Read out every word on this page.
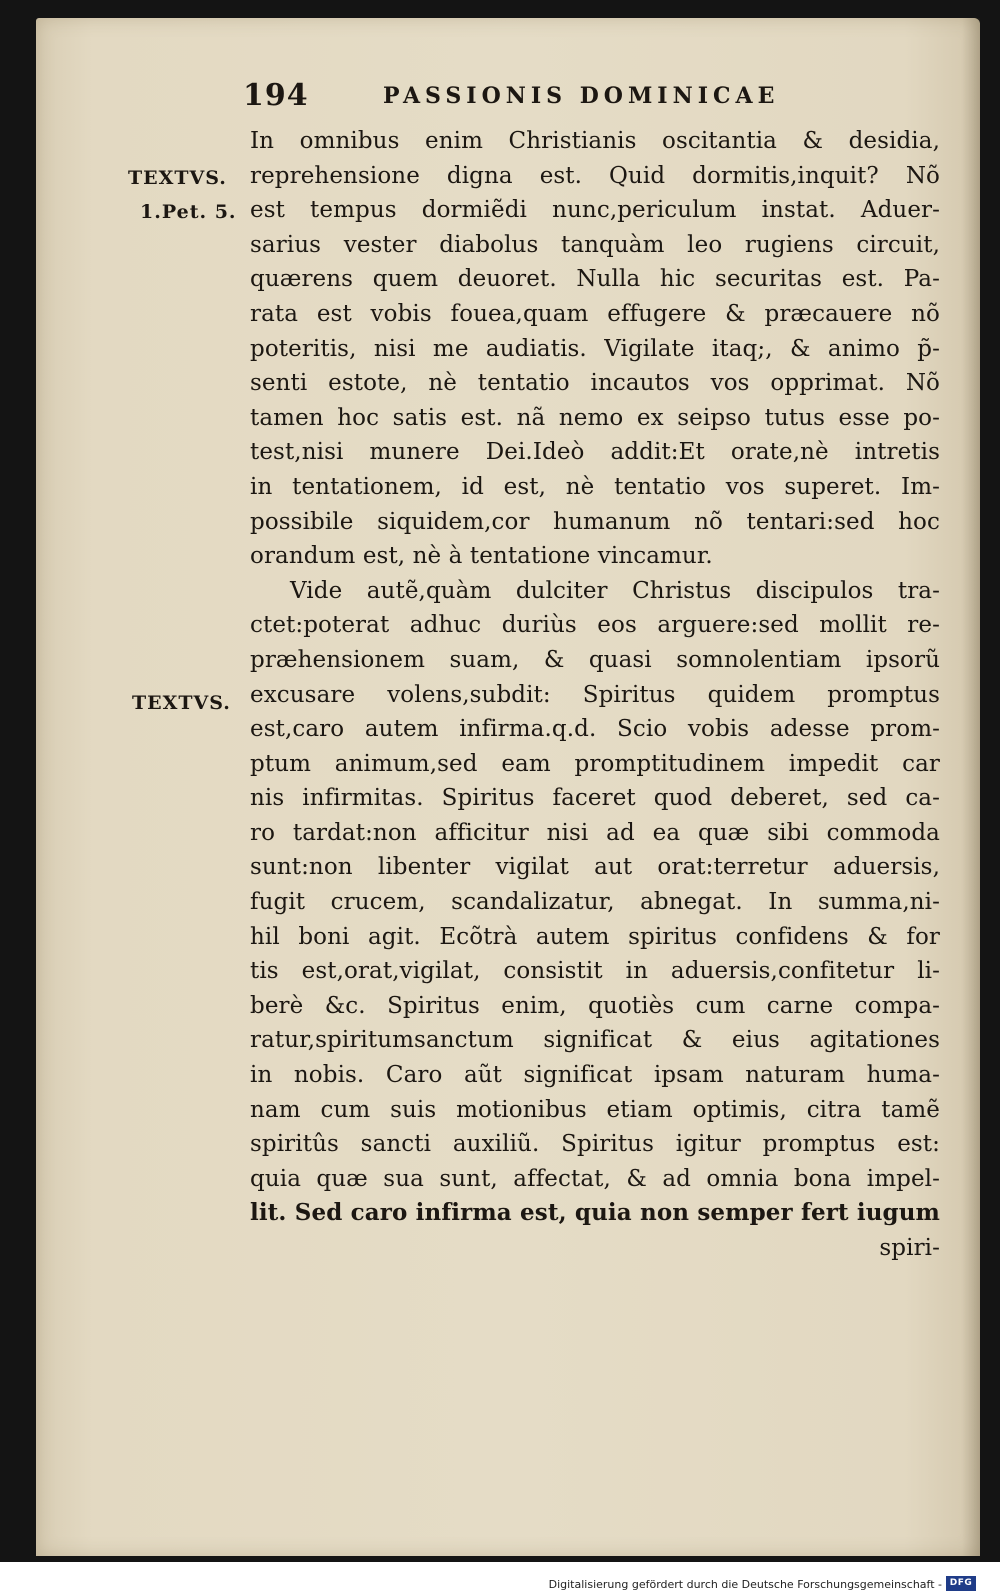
194	PASSIONIS DOMINICAE
TEXTVS.
1.Pet. 5.
TEXTVS.
In omnibus enim Christianis oscitantia & desidia,
reprehensione digna est. Quid dormitis,inquit? Nõ
est tempus dormiẽdi nunc,periculum instat. Aduer-
sarius vester diabolus tanquàm leo rugiens circuit,
quærens quem deuoret. Nulla hic securitas est. Pa-
rata est vobis fouea,quam effugere & præcauere nõ
poteritis, nisi me audiatis. Vigilate itaq;, & animo p̃-
senti estote, nè tentatio incautos vos opprimat. Nõ
tamen hoc satis est. nã nemo ex seipso tutus esse po-
test,nisi munere Dei.Ideò addit:Et orate,nè intretis
in tentationem, id est, nè tentatio vos superet. Im-
possibile siquidem,cor humanum nõ tentari:sed hoc
orandum est, nè à tentatione vincamur.
Vide autẽ,quàm dulciter Christus discipulos tra-
ctet:poterat adhuc duriùs eos arguere:sed mollit re-
præhensionem suam, & quasi somnolentiam ipsorũ
excusare volens,subdit: Spiritus quidem promptus
est,caro autem infirma.q.d. Scio vobis adesse prom-
ptum animum,sed eam promptitudinem impedit car
nis infirmitas. Spiritus faceret quod deberet, sed ca-
ro tardat:non afficitur nisi ad ea quæ sibi commoda
sunt:non libenter vigilat aut orat:terretur aduersis,
fugit crucem, scandalizatur, abnegat. In summa,ni-
hil boni agit. Ecõtrà autem spiritus confidens & for
tis est,orat,vigilat, consistit in aduersis,confitetur li-
berè &c. Spiritus enim, quotiès cum carne compa-
ratur,spiritumsanctum significat & eius agitationes
in nobis. Caro aũt significat ipsam naturam huma-
nam cum suis motionibus etiam optimis, citra tamẽ
spiritûs sancti auxiliũ. Spiritus igitur promptus est:
quia quæ sua sunt, affectat, & ad omnia bona impel-
lit. Sed caro infirma est, quia non semper fert iugum
spiri-
Digitalisierung gefördert durch die Deutsche Forschungsgemeinschaft - DFG
